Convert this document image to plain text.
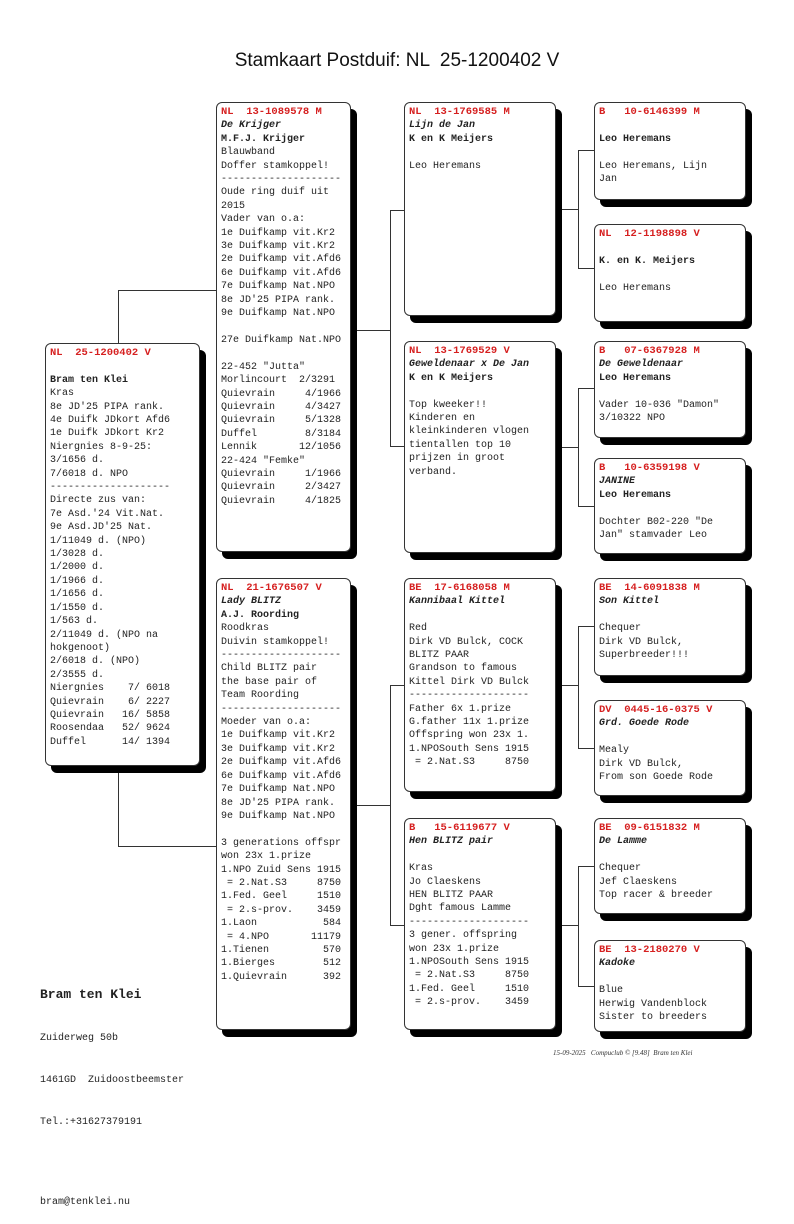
Stamkaart Postduif: NL  25-1200402 V
NL  25-1200402 V
Bram ten Klei
Kras
8e JD'25 PIPA rank.
4e Duifk JDkort Afd6
1e Duifk JDkort Kr2
Niergnies 8-9-25:
3/1656 d.
7/6018 d. NPO
--------------------
Directe zus van:
7e Asd.'24 Vit.Nat.
9e Asd.JD'25 Nat.
1/11049 d. (NPO)
1/3028 d.
1/2000 d.
1/1966 d.
1/1656 d.
1/1550 d.
1/563 d.
2/11049 d. (NPO na
hokgenoot)
2/6018 d. (NPO)
2/3555 d.
Niergnies    7/ 6018
Quievrain    6/ 2227
Quievrain   16/ 5858
Roosendaa   52/ 9624
Duffel      14/ 1394
NL  13-1089578 M
De Krijger
M.F.J. Krijger
Blauwband
Doffer stamkoppel!
--------------------
Oude ring duif uit
2015
Vader van o.a:
1e Duifkamp vit.Kr2
3e Duifkamp vit.Kr2
2e Duifkamp vit.Afd6
6e Duifkamp vit.Afd6
7e Duifkamp Nat.NPO
8e JD'25 PIPA rank.
9e Duifkamp Nat.NPO
27e Duifkamp Nat.NPO
22-452 "Jutta"
Morlincourt  2/3291
Quievrain     4/1966
Quievrain     4/3427
Quievrain     5/1328
Duffel        8/3184
Lennik       12/1056
22-424 "Femke"
Quievrain     1/1966
Quievrain     2/3427
Quievrain     4/1825
NL  21-1676507 V
Lady BLITZ
A.J. Roording
Roodkras
Duivin stamkoppel!
--------------------
Child BLITZ pair
the base pair of
Team Roording
--------------------
Moeder van o.a:
1e Duifkamp vit.Kr2
3e Duifkamp vit.Kr2
2e Duifkamp vit.Afd6
6e Duifkamp vit.Afd6
7e Duifkamp Nat.NPO
8e JD'25 PIPA rank.
9e Duifkamp Nat.NPO
3 generations offspr
won 23x 1.prize
1.NPO Zuid Sens 1915
= 2.Nat.S3     8750
1.Fed. Geel     1510
= 2.s-prov.    3459
1.Laon           584
= 4.NPO       11179
1.Tienen         570
1.Bierges        512
1.Quievrain      392
NL  13-1769585 M
Lijn de Jan
K en K Meijers
Leo Heremans
NL  13-1769529 V
Geweldenaar x De Jan
K en K Meijers
Top kweeker!!
Kinderen en
kleinkinderen vlogen
tientallen top 10
prijzen in groot
verband.
BE  17-6168058 M
Kannibaal Kittel
Red
Dirk VD Bulck, COCK
BLITZ PAAR
Grandson to famous
Kittel Dirk VD Bulck
--------------------
Father 6x 1.prize
G.father 11x 1.prize
Offspring won 23x 1.
1.NPOSouth Sens 1915
= 2.Nat.S3     8750
B   15-6119677 V
Hen BLITZ pair
Kras
Jo Claeskens
HEN BLITZ PAAR
Dght famous Lamme
--------------------
3 gener. offspring
won 23x 1.prize
1.NPOSouth Sens 1915
= 2.Nat.S3     8750
1.Fed. Geel     1510
= 2.s-prov.    3459
B   10-6146399 M
Leo Heremans
Leo Heremans, Lijn
Jan
NL  12-1198898 V
K. en K. Meijers
Leo Heremans
B   07-6367928 M
De Geweldenaar
Leo Heremans
Vader 10-036 "Damon"
3/10322 NPO
B   10-6359198 V
JANINE
Leo Heremans
Dochter B02-220 "De
Jan" stamvader Leo
BE  14-6091838 M
Son Kittel
Chequer
Dirk VD Bulck,
Superbreeder!!!
DV  0445-16-0375 V
Grd. Goede Rode
Mealy
Dirk VD Bulck,
From son Goede Rode
BE  09-6151832 M
De Lamme
Chequer
Jef Claeskens
Top racer & breeder
BE  13-2180270 V
Kadoke
Blue
Herwig Vandenblock
Sister to breeders

Bram ten Klei

Zuiderweg 50b

1461GD  Zuidoostbeemster

Tel.:+31627379191

bram@tenklei.nu

15-09-2025   Compuclub © [9.48]  Bram ten Klei
